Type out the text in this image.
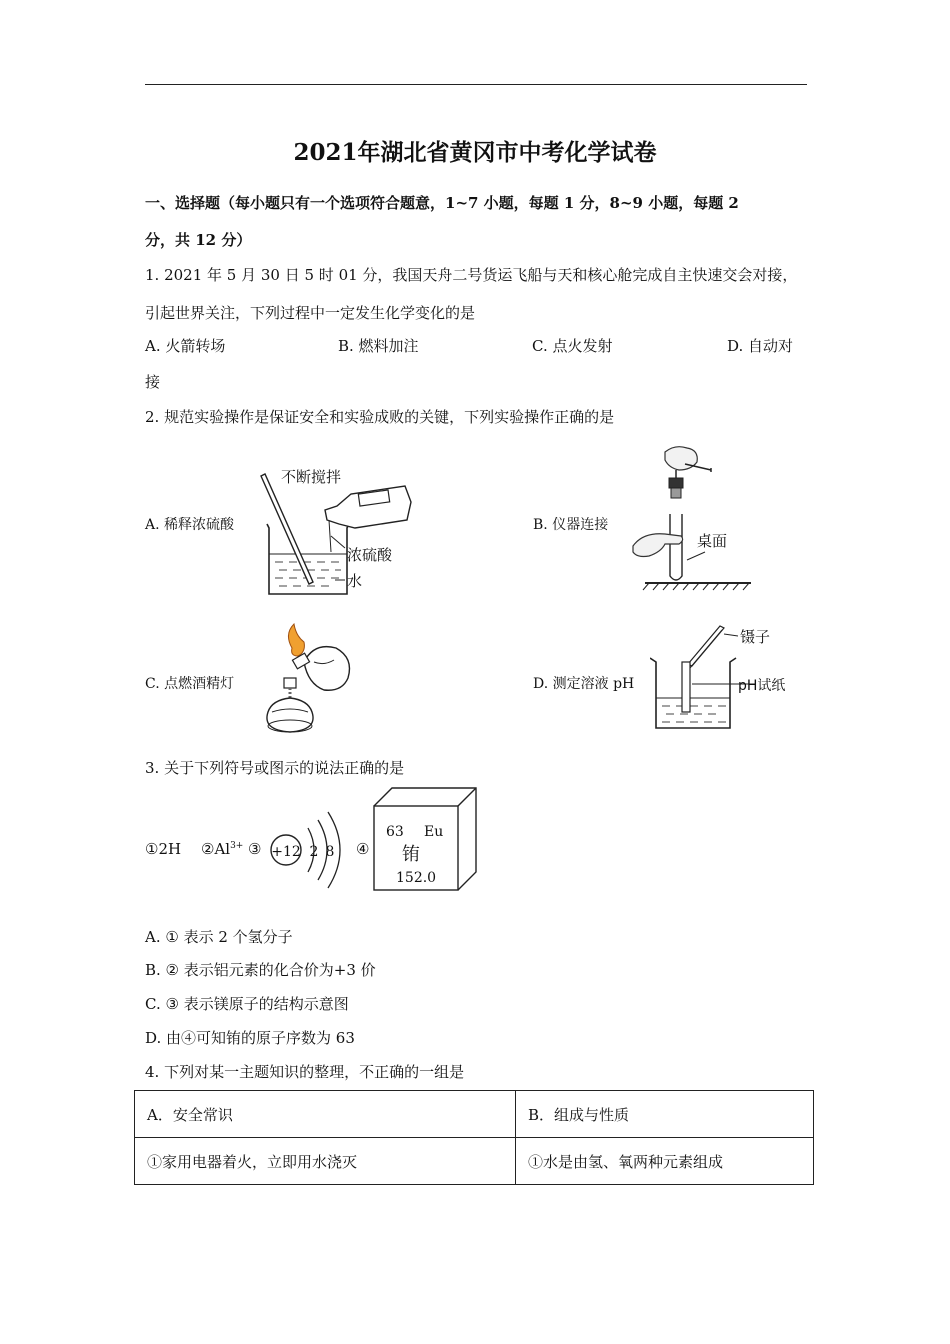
2021年湖北省黄冈市中考化学试卷
一、选择题（每小题只有一个选项符合题意，1~7 小题，每题 1 分，8~9 小题，每题 2
分，共 12 分）
1. 2021 年 5 月 30 日 5 时 01 分，我国天舟二号货运飞船与天和核心舱完成自主快速交会对接，
引起世界关注，下列过程中一定发生化学变化的是
A. 火箭转场	B. 燃料加注	C. 点火发射	D. 自动对
接
2. 规范实验操作是保证安全和实验成败的关键，下列实验操作正确的是
A. 稀释浓硫酸	B. 仪器连接
C. 点燃酒精灯	D. 测定溶液 pH
不断搅拌
浓硫酸
水
桌面
镊子
pH试纸
3. 关于下列符号或图示的说法正确的是
①2H $②Al^{3+}$ ③ +12 2 8 ④
63 Eu
铕
152.0
A. ① 表示 2 个氢分子
B. ② 表示铝元素的化合价为+3 价
C. ③ 表示镁原子的结构示意图
D. 由④可知铕的原子序数为 63
4. 下列对某一主题知识的整理，不正确的一组是
A．安全常识	B．组成与性质
①家用电器着火，立即用水浇灭	①水是由氢、氧两种元素组成
